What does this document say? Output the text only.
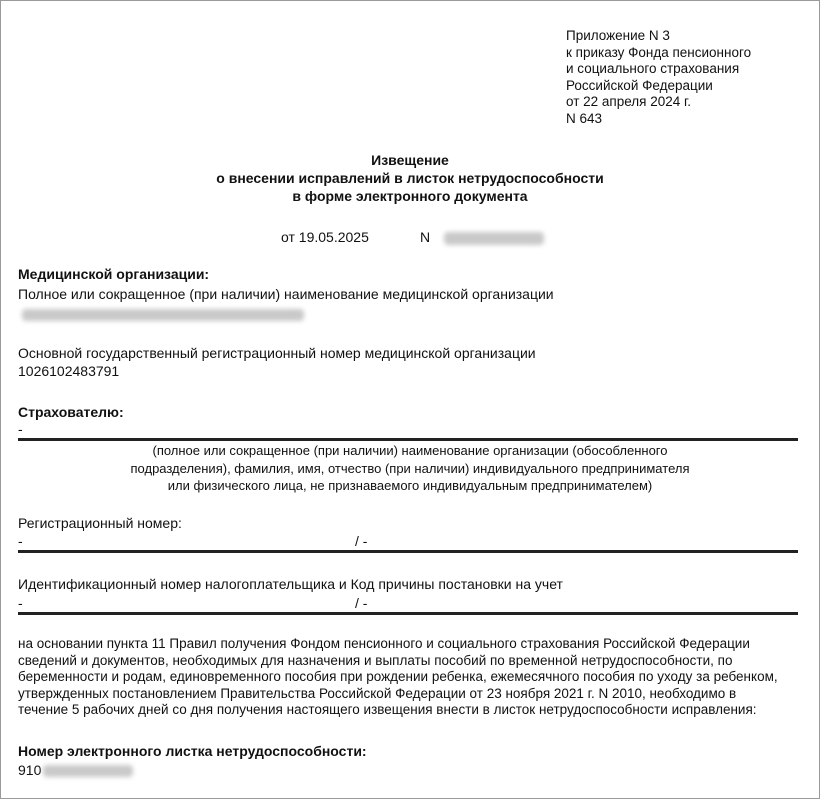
Приложение N 3
к приказу Фонда пенсионного
и социального страхования
Российской Федерации
от 22 апреля 2024 г.
N 643
Извещение
о внесении исправлений в листок нетрудоспособности
в форме электронного документа
от 19.05.2025	N
Медицинской организации:
Полное или сокращенное (при наличии) наименование медицинской организации
Основной государственный регистрационный номер медицинской организации
1026102483791
Страхователю:
-
(полное или сокращенное (при наличии) наименование организации (обособленного
подразделения), фамилия, имя, отчество (при наличии) индивидуального предпринимателя
или физического лица, не признаваемого индивидуальным предпринимателем)
Регистрационный номер:
-	/ -
Идентификационный номер налогоплательщика и Код причины постановки на учет
-	/ -
на основании пункта 11 Правил получения Фондом пенсионного и социального страхования Российской Федерации
сведений и документов, необходимых для назначения и выплаты пособий по временной нетрудоспособности, по
беременности и родам, единовременного пособия при рождении ребенка, ежемесячного пособия по уходу за ребенком,
утвержденных постановлением Правительства Российской Федерации от 23 ноября 2021 г. N 2010, необходимо в
течение 5 рабочих дней со дня получения настоящего извещения внести в листок нетрудоспособности исправления:
Номер электронного листка нетрудоспособности:
910
